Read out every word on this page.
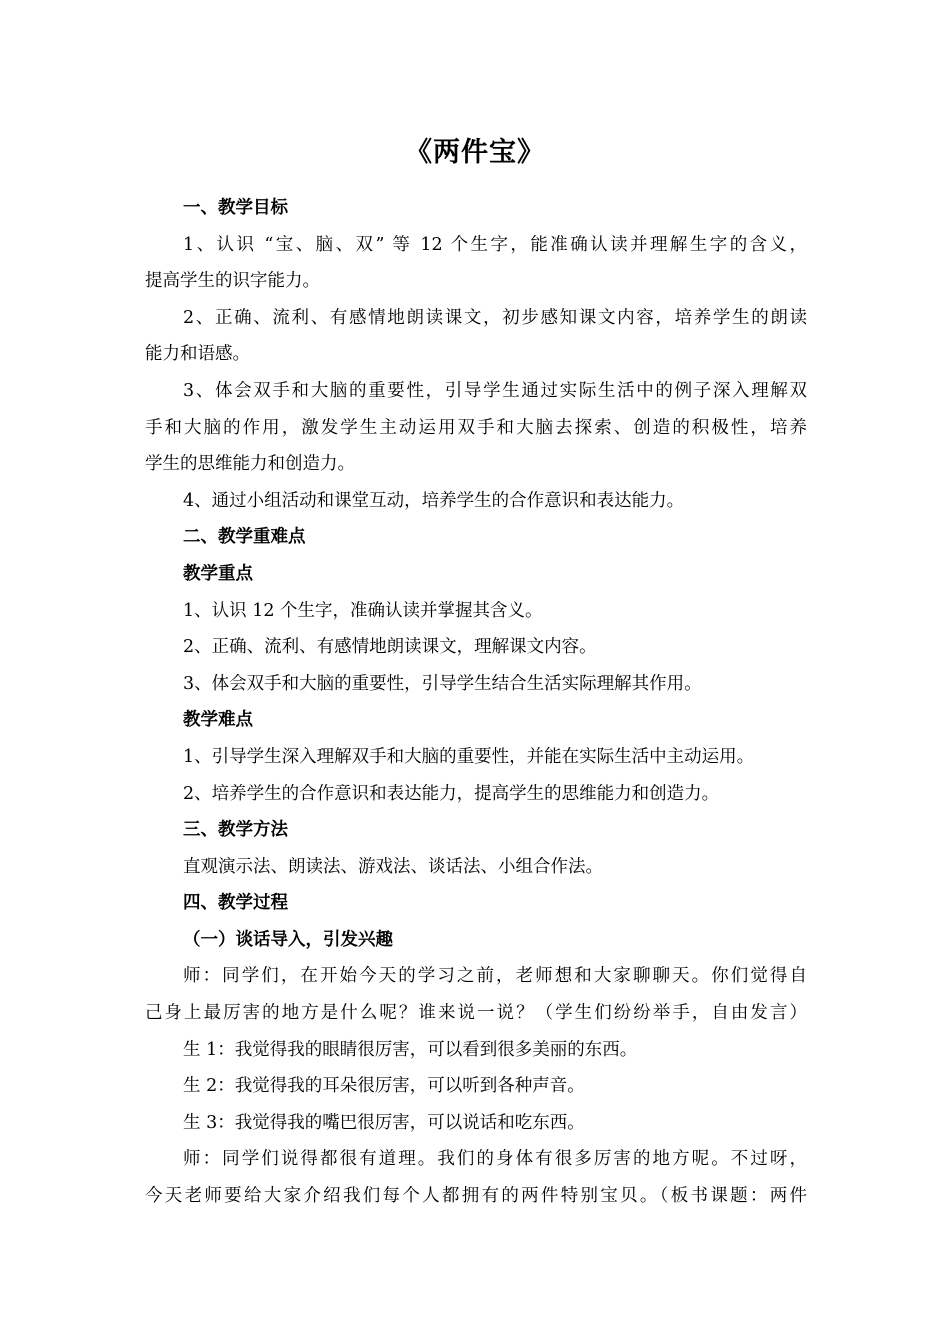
《两件宝》
一、教学目标
1、认识 “宝、脑、双” 等 12 个生字，能准确认读并理解生字的含义，
提高学生的识字能力。
2、正确、流利、有感情地朗读课文，初步感知课文内容，培养学生的朗读
能力和语感。
3、体会双手和大脑的重要性，引导学生通过实际生活中的例子深入理解双
手和大脑的作用，激发学生主动运用双手和大脑去探索、创造的积极性，培养
学生的思维能力和创造力。
4、通过小组活动和课堂互动，培养学生的合作意识和表达能力。
二、教学重难点
教学重点
1、认识 12 个生字，准确认读并掌握其含义。
2、正确、流利、有感情地朗读课文，理解课文内容。
3、体会双手和大脑的重要性，引导学生结合生活实际理解其作用。
教学难点
1、引导学生深入理解双手和大脑的重要性，并能在实际生活中主动运用。
2、培养学生的合作意识和表达能力，提高学生的思维能力和创造力。
三、教学方法
直观演示法、朗读法、游戏法、谈话法、小组合作法。
四、教学过程
（一）谈话导入，引发兴趣
师：同学们，在开始今天的学习之前，老师想和大家聊聊天。你们觉得自
己身上最厉害的地方是什么呢？谁来说一说？（学生们纷纷举手，自由发言）
生 1：我觉得我的眼睛很厉害，可以看到很多美丽的东西。
生 2：我觉得我的耳朵很厉害，可以听到各种声音。
生 3：我觉得我的嘴巴很厉害，可以说话和吃东西。
师：同学们说得都很有道理。我们的身体有很多厉害的地方呢。不过呀，
今天老师要给大家介绍我们每个人都拥有的两件特别宝贝。（板书课题：两件
